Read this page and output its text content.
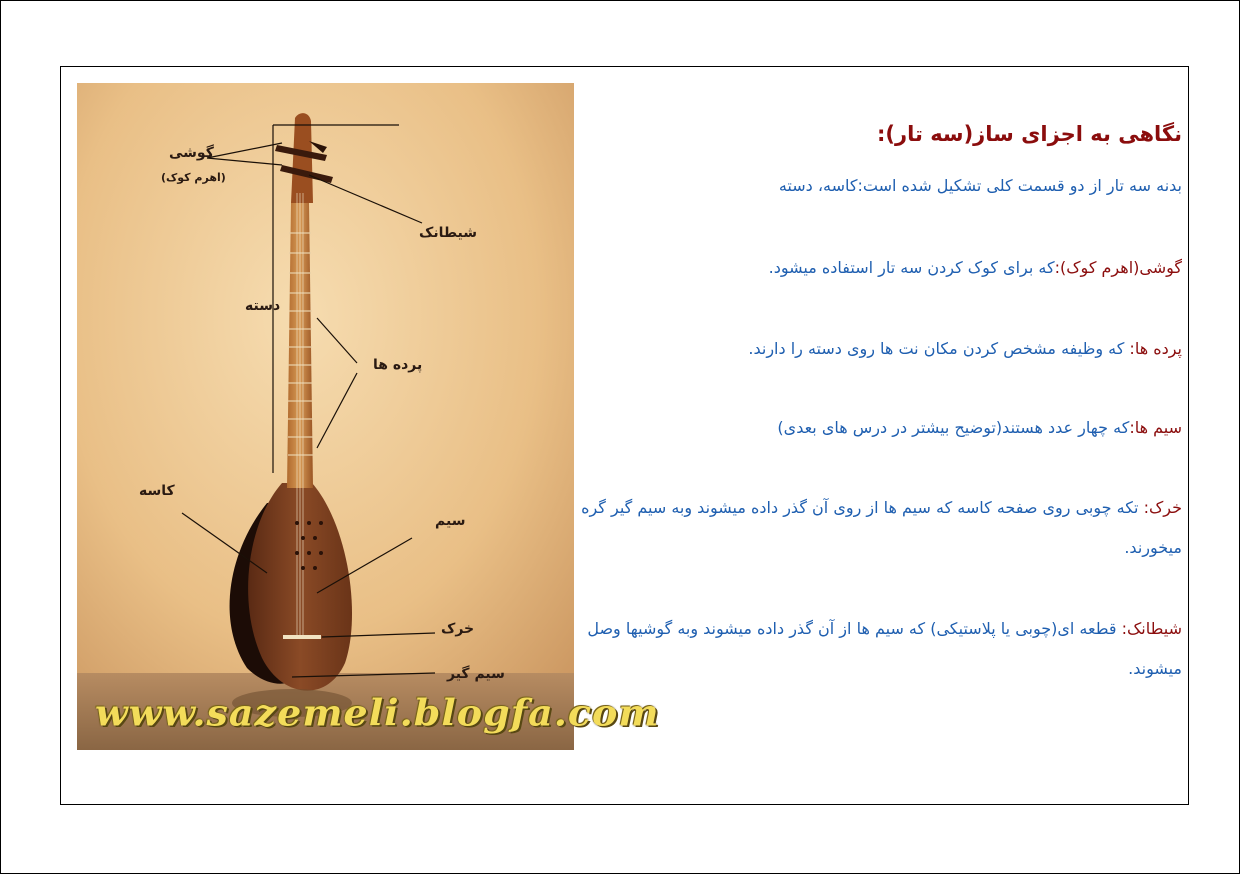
گوشی
(اهرم کوک)
شیطانک
دسته
پرده ها
کاسه
سیم
خرک
سیم گیر
www.sazemeli.blogfa.com
نگاهی به اجزای ساز(سه تار):
بدنه سه تار از دو قسمت کلی تشکیل شده است:کاسه، دسته
گوشی(اهرم کوک):که برای کوک کردن سه تار استفاده میشود.
پرده ها: که وظیفه مشخص کردن مکان نت ها روی دسته را دارند.
سیم ها:که چهار عدد هستند(توضیح بیشتر در درس های بعدی)
خرک: تکه چوبی روی صفحه کاسه که سیم ها از روی آن گذر داده میشوند وبه سیم گیر گره میخورند.
شیطانک: قطعه ای(چوبی یا پلاستیکی) که سیم ها از آن گذر داده میشوند وبه گوشیها وصل میشوند.
